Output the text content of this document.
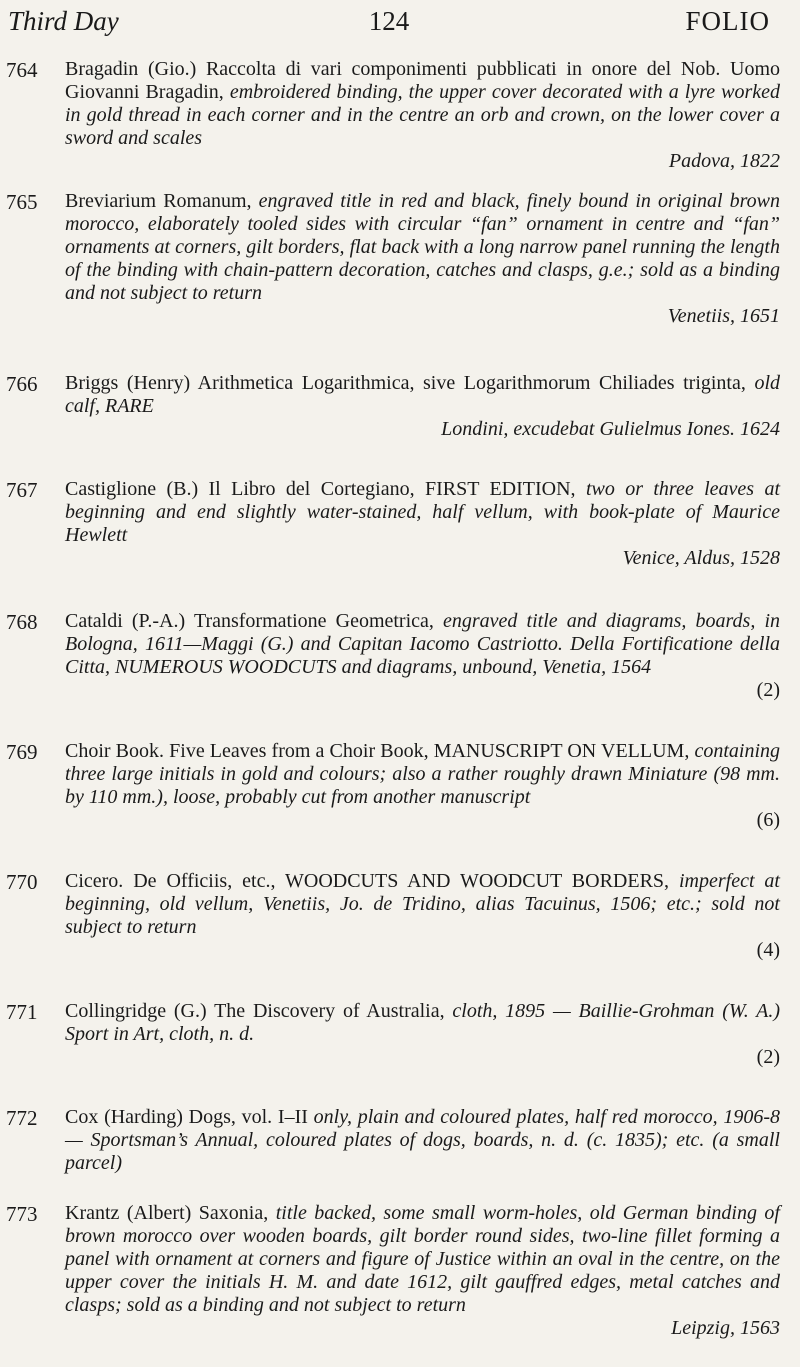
Third Day	124	FOLIO
764	Bragadin (Gio.) Raccolta di vari componimenti pubblicati in onore del Nob. Uomo Giovanni Bragadin, embroidered binding, the upper cover decorated with a lyre worked in gold thread in each corner and in the centre an orb and crown, on the lower cover a sword and scales
Padova, 1822
765	Breviarium Romanum, engraved title in red and black, finely bound in original brown morocco, elaborately tooled sides with circular “fan” ornament in centre and “fan” ornaments at corners, gilt borders, flat back with a long narrow panel running the length of the binding with chain-pattern decoration, catches and clasps, g.e.; sold as a binding and not subject to return
Venetiis, 1651
766	Briggs (Henry) Arithmetica Logarithmica, sive Logarithmorum Chiliades triginta, old calf, RARE
Londini, excudebat Gulielmus Iones. 1624
767	Castiglione (B.) Il Libro del Cortegiano, FIRST EDITION, two or three leaves at beginning and end slightly water-stained, half vellum, with book-plate of Maurice Hewlett
Venice, Aldus, 1528
768	Cataldi (P.-A.) Transformatione Geometrica, engraved title and diagrams, boards, in Bologna, 1611—Maggi (G.) and Capitan Iacomo Castriotto. Della Fortificatione della Citta, NUMEROUS WOODCUTS and diagrams, unbound, Venetia, 1564
(2)
769	Choir Book. Five Leaves from a Choir Book, MANUSCRIPT ON VELLUM, containing three large initials in gold and colours; also a rather roughly drawn Miniature (98 mm. by 110 mm.), loose, probably cut from another manuscript
(6)
770	Cicero. De Officiis, etc., WOODCUTS AND WOODCUT BORDERS, imperfect at beginning, old vellum, Venetiis, Jo. de Tridino, alias Tacuinus, 1506; etc.; sold not subject to return
(4)
771	Collingridge (G.) The Discovery of Australia, cloth, 1895 — Baillie-Grohman (W. A.) Sport in Art, cloth, n. d.
(2)
772	Cox (Harding) Dogs, vol. I–II only, plain and coloured plates, half red morocco, 1906-8— Sportsman’s Annual, coloured plates of dogs, boards, n. d. (c. 1835); etc. (a small parcel)
773	Krantz (Albert) Saxonia, title backed, some small worm-holes, old German binding of brown morocco over wooden boards, gilt border round sides, two-line fillet forming a panel with ornament at corners and figure of Justice within an oval in the centre, on the upper cover the initials H. M. and date 1612, gilt gauffred edges, metal catches and clasps; sold as a binding and not subject to return
Leipzig, 1563
